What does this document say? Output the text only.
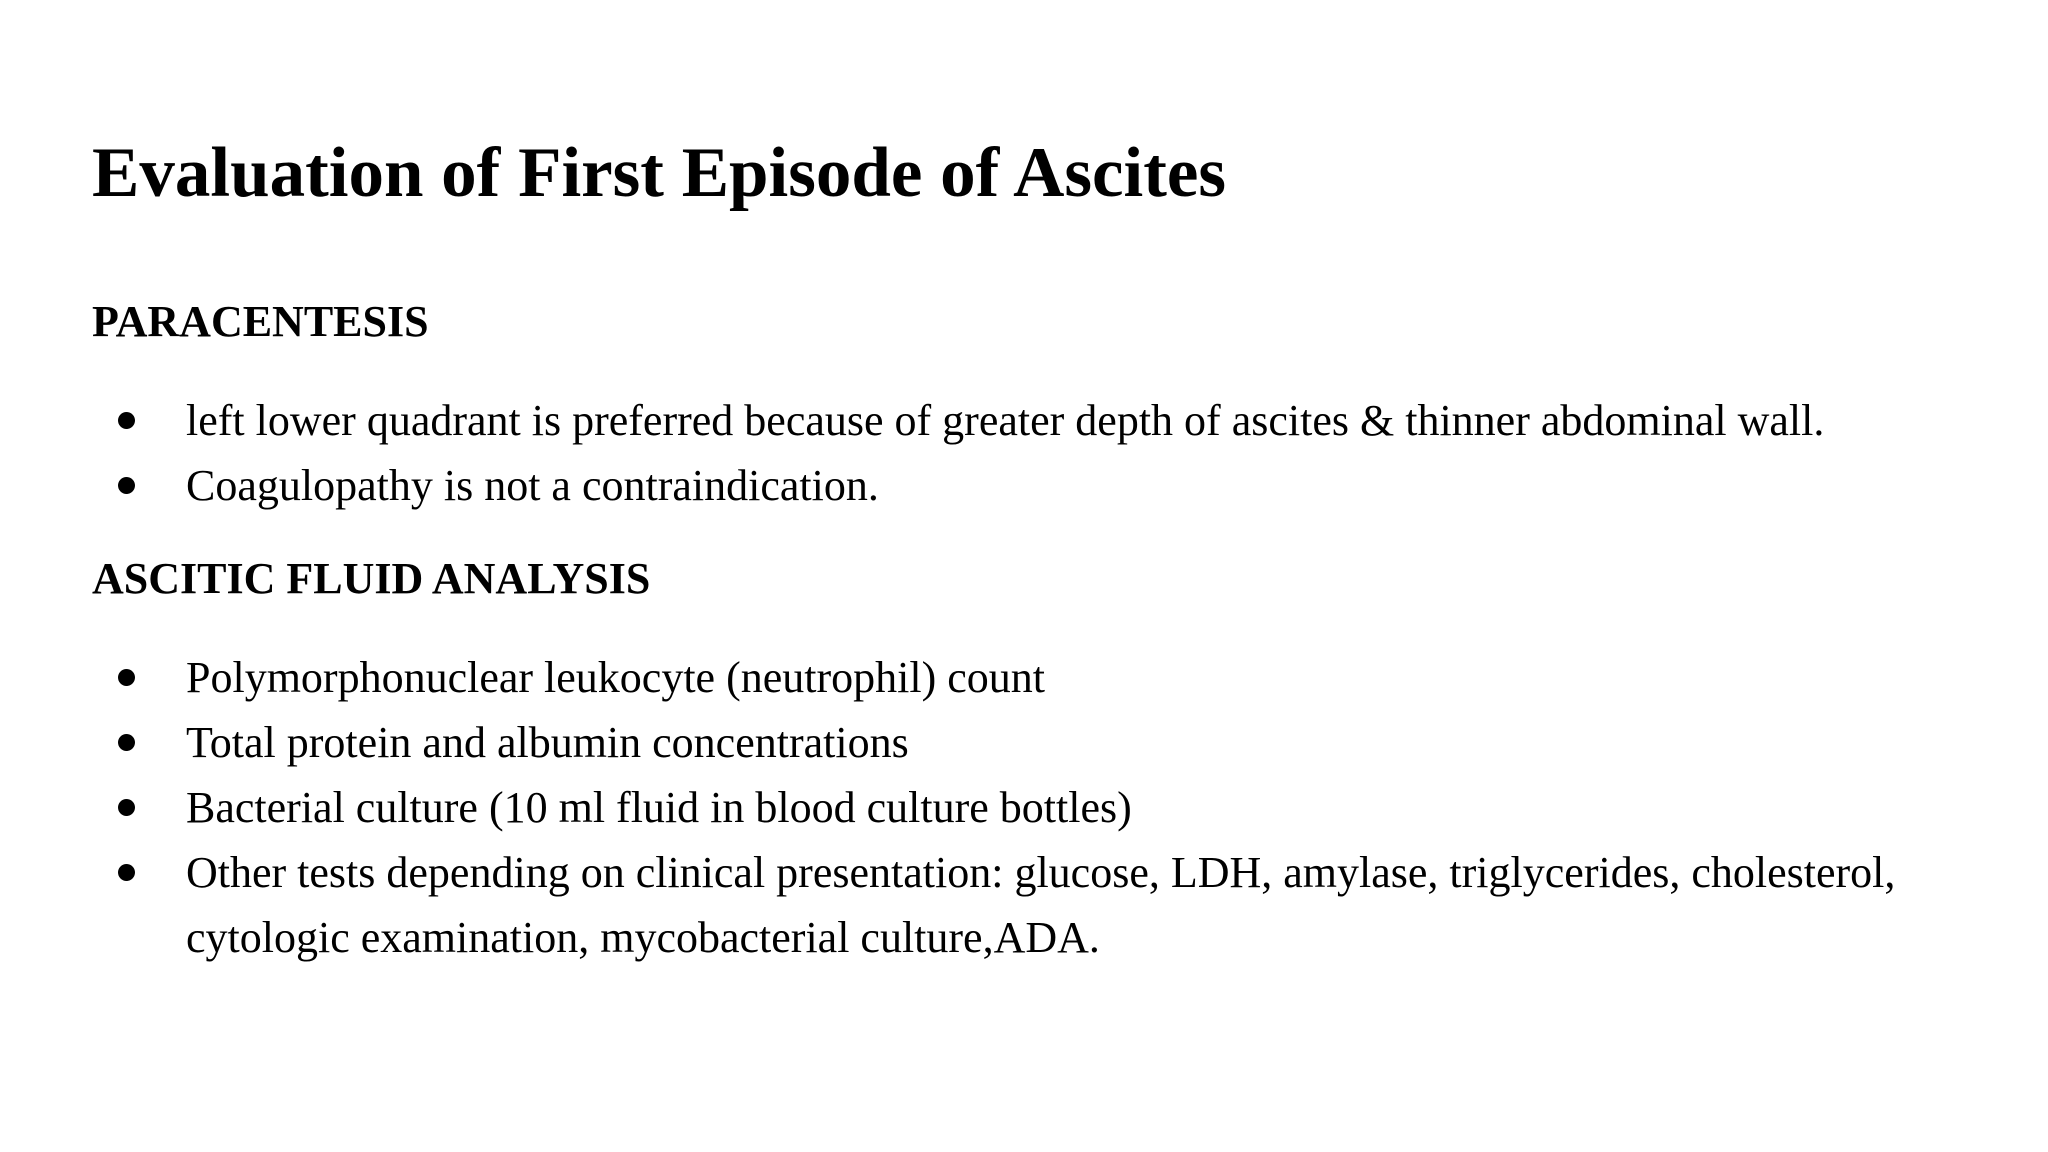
Evaluation of First Episode of Ascites
PARACENTESIS
left lower quadrant is preferred because of greater depth of ascites & thinner abdominal wall.
Coagulopathy is not a contraindication.
ASCITIC FLUID ANALYSIS
Polymorphonuclear leukocyte (neutrophil) count
Total protein and albumin concentrations
Bacterial culture (10 ml fluid in blood culture bottles)
Other tests depending on clinical presentation: glucose, LDH, amylase, triglycerides, cholesterol, cytologic examination, mycobacterial culture,ADA.
